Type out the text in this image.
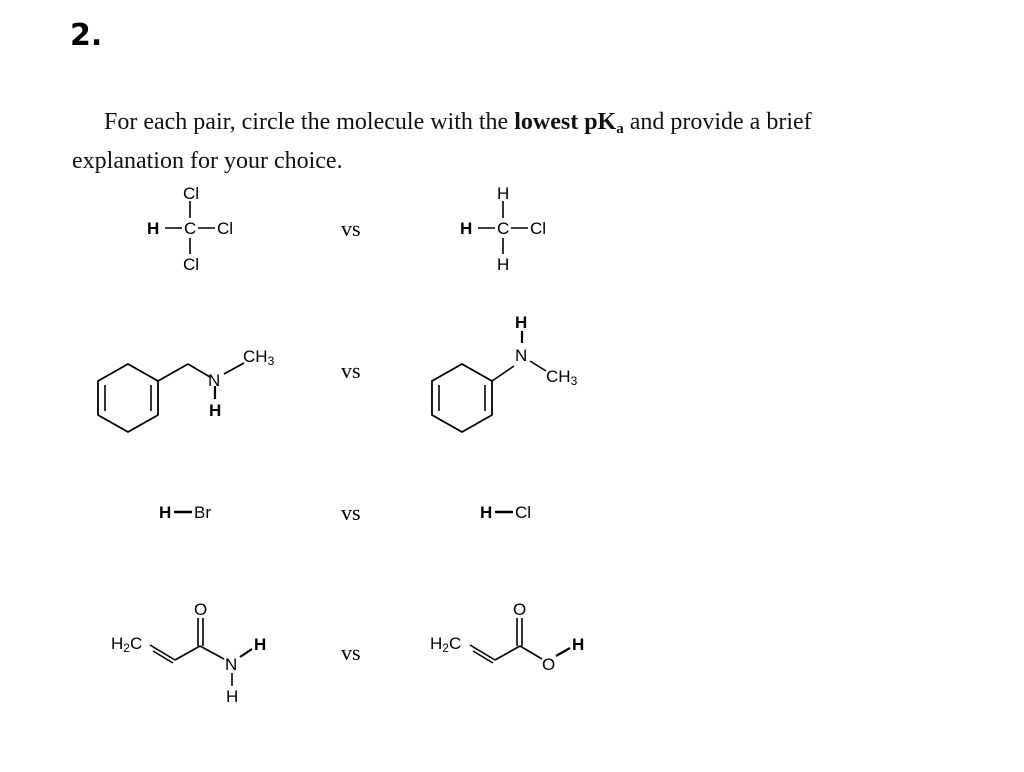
2.
For each pair, circle the molecule with the lowest $pK_a$ and provide a brief explanation for your choice.
vs
vs
vs
vs
Cl
H C Cl
Cl
H
H C Cl
H
N
H
CH3	N
H
CH3
H Br	H Cl
H2C
O
N
H
H
H2C
O
O
H
